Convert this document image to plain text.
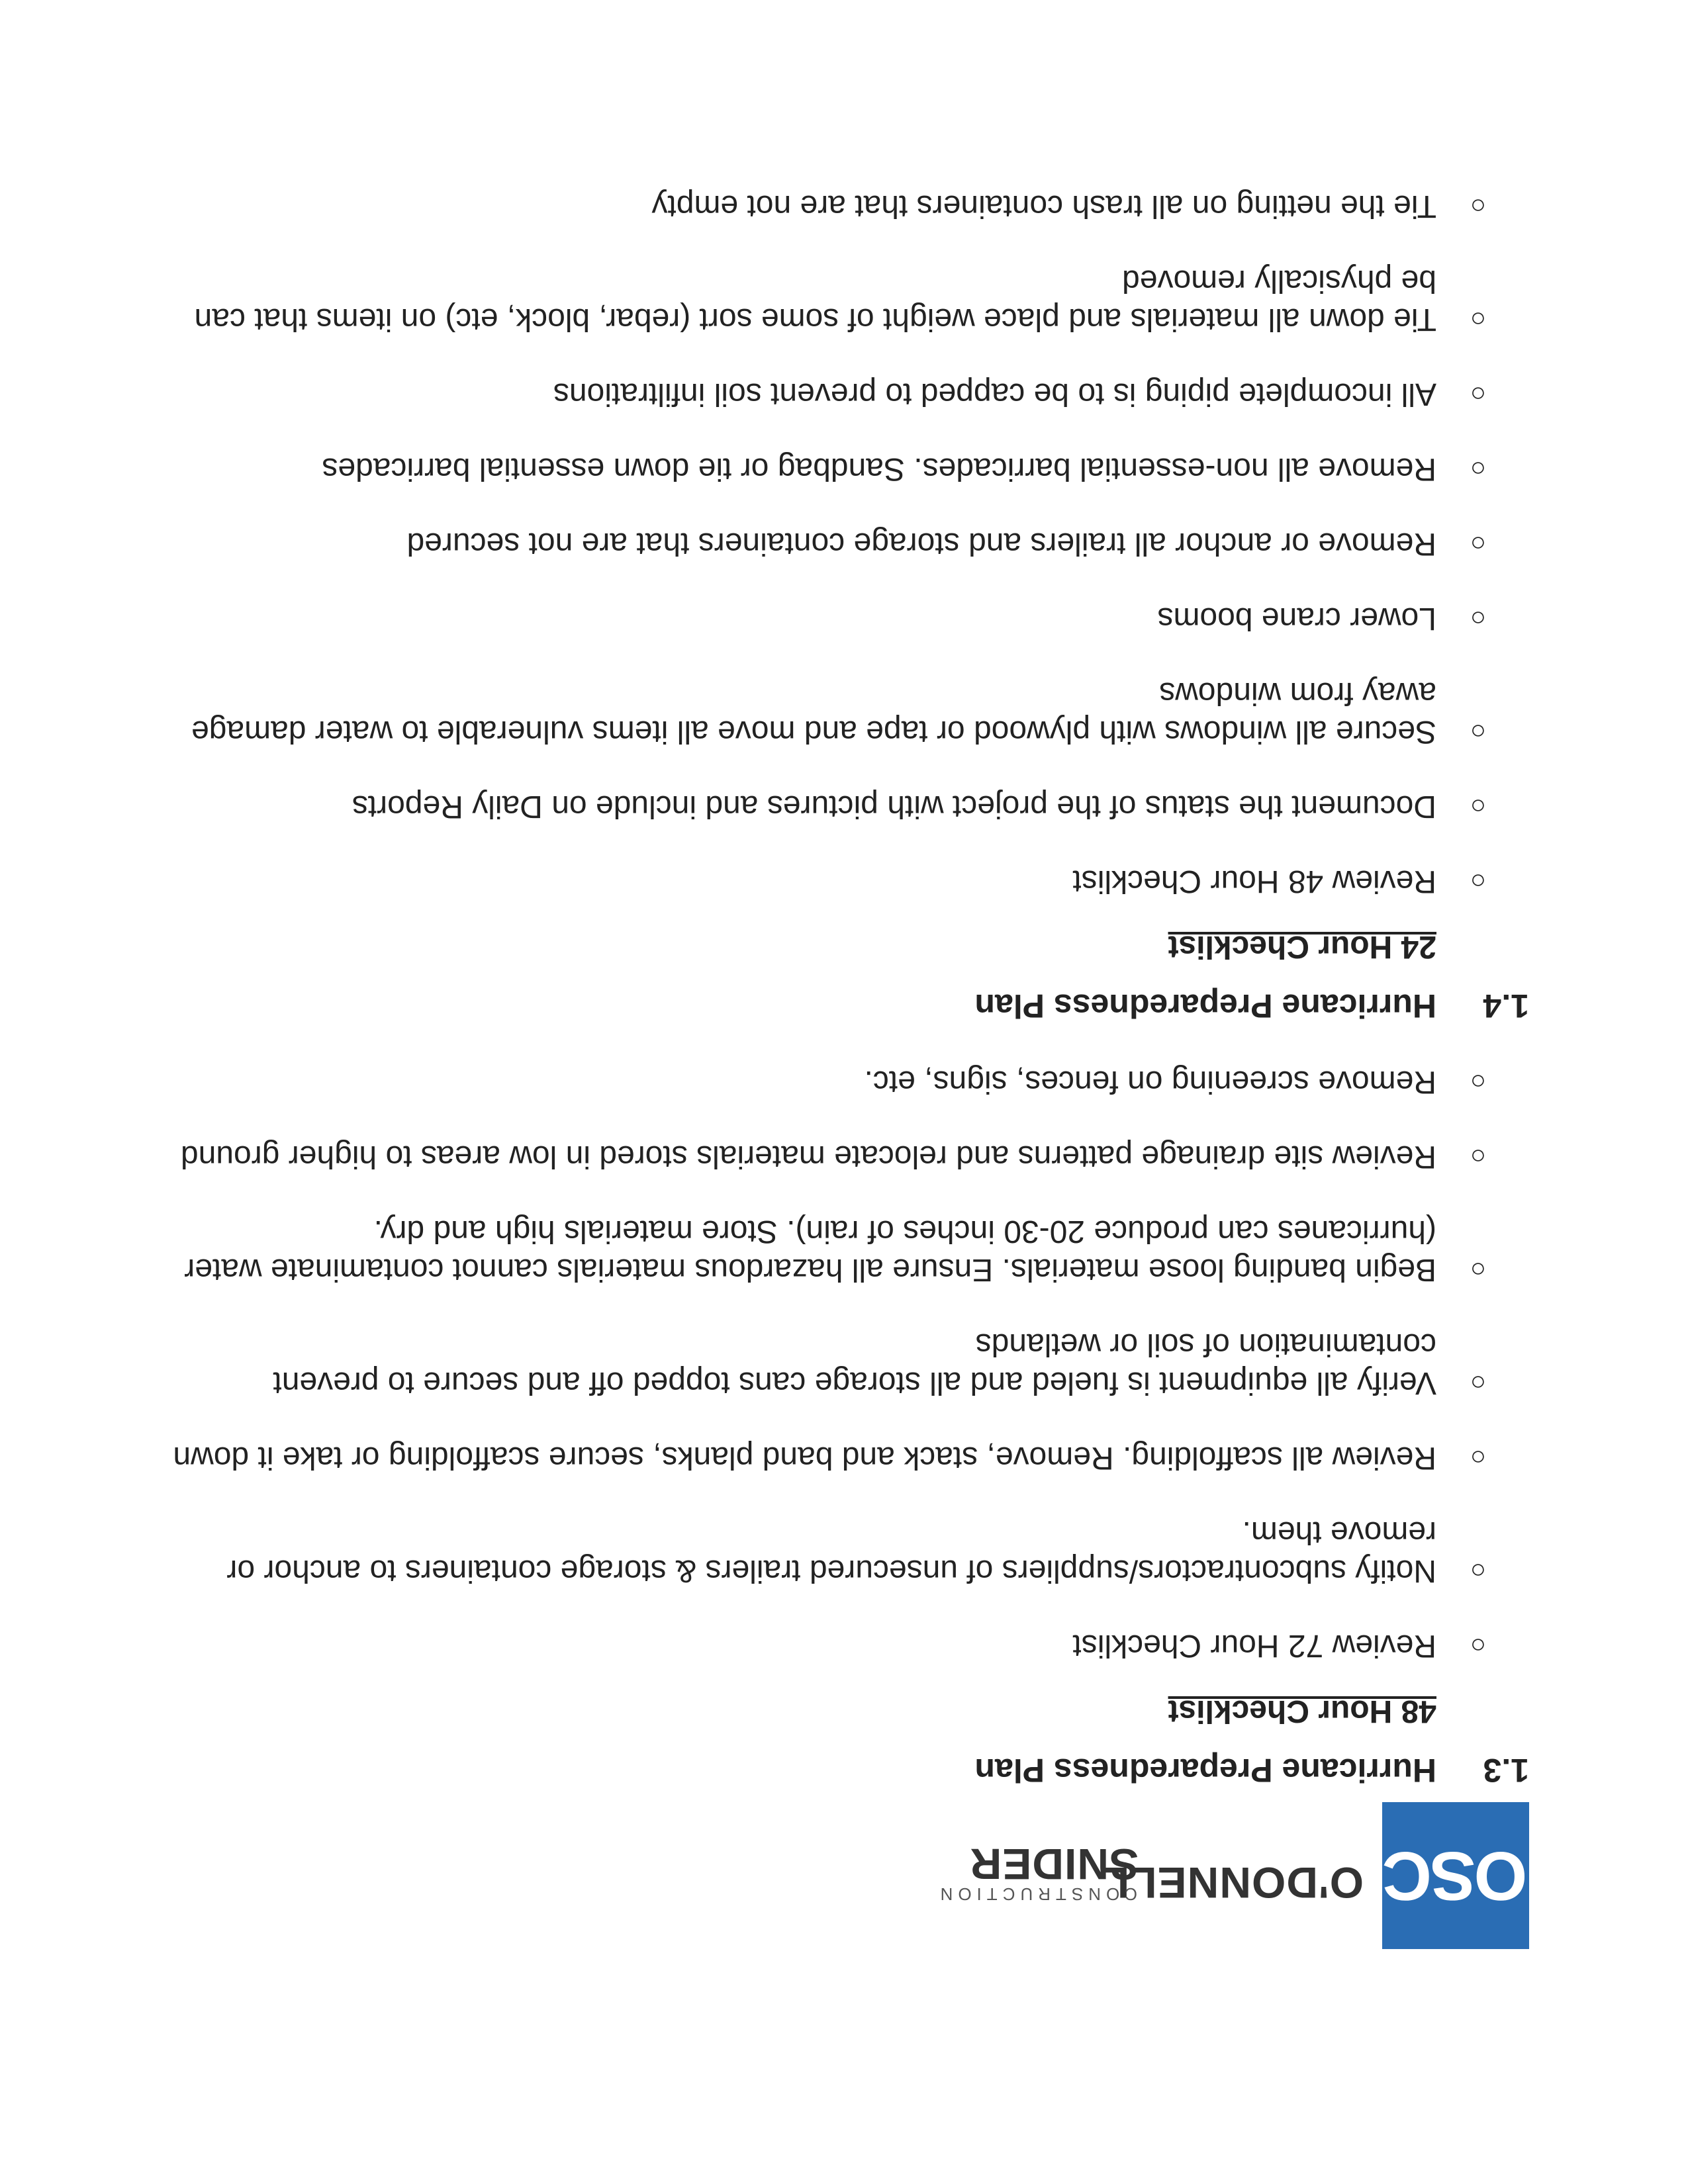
OSC
O'DONNELL
CONSTRUCTION
SNIDER
1.3
Hurricane Preparedness Plan
48 Hour Checklist
○
Review 72 Hour Checklist
○
Notify subcontractors/suppliers of unsecured trailers & storage containers to anchor or remove them.
○
Review all scaffolding. Remove, stack and band planks, secure scaffolding or take it down
○
Verify all equipment is fueled and all storage cans topped off and secure to prevent contamination of soil or wetlands
○
Begin banding loose materials. Ensure all hazardous materials cannot contaminate water (hurricanes can produce 20-30 inches of rain). Store materials high and dry.
○
Review site drainage patterns and relocate materials stored in low areas to higher ground
○
Remove screening on fences, signs, etc.
1.4
Hurricane Preparedness Plan
24 Hour Checklist
○
Review 48 Hour Checklist
○
Document the status of the project with pictures and include on Daily Reports
○
Secure all windows with plywood or tape and move all items vulnerable to water damage away from windows
○
Lower crane booms
○
Remove or anchor all trailers and storage containers that are not secured
○
Remove all non-essential barricades. Sandbag or tie down essential barricades
○
All incomplete piping is to be capped to prevent soil infiltrations
○
Tie down all materials and place weight of some sort (rebar, block, etc) on items that can be physically removed
○
Tie the netting on all trash containers that are not empty
